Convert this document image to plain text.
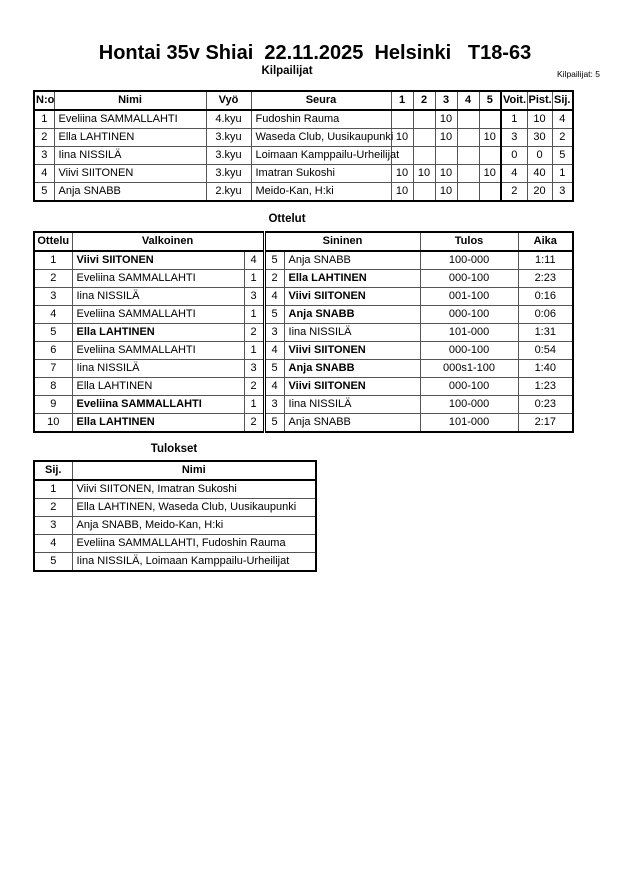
Hontai 35v Shiai  22.11.2025  Helsinki   T18-63
Kilpailijat	Kilpailijat: 5
N:o	Nimi	Vyö	Seura	1	2	3	4	5	Voit.	Pist.	Sij.
1	Eveliina SAMMALLAHTI	4.kyu	Fudoshin Rauma			10			1	10	4
2	Ella LAHTINEN	3.kyu	Waseda Club, Uusikaupunki	10		10		10	3	30	2
3	Iina NISSILÄ	3.kyu	Loimaan Kamppailu-Urheilijat						0	0	5
4	Viivi SIITONEN	3.kyu	Imatran Sukoshi	10	10	10		10	4	40	1
5	Anja SNABB	2.kyu	Meido-Kan, H:ki	10		10			2	20	3
Ottelut
Ottelu	Valkoinen		Sininen		Tulos	Aika
1	Viivi SIITONEN	4	5	Anja SNABB	100-000	1:11
2	Eveliina SAMMALLAHTI	1	2	Ella LAHTINEN	000-100	2:23
3	Iina NISSILÄ	3	4	Viivi SIITONEN	001-100	0:16
4	Eveliina SAMMALLAHTI	1	5	Anja SNABB	000-100	0:06
5	Ella LAHTINEN	2	3	Iina NISSILÄ	101-000	1:31
6	Eveliina SAMMALLAHTI	1	4	Viivi SIITONEN	000-100	0:54
7	Iina NISSILÄ	3	5	Anja SNABB	000s1-100	1:40
8	Ella LAHTINEN	2	4	Viivi SIITONEN	000-100	1:23
9	Eveliina SAMMALLAHTI	1	3	Iina NISSILÄ	100-000	0:23
10	Ella LAHTINEN	2	5	Anja SNABB	101-000	2:17
Tulokset
Sij.	Nimi
1	Viivi SIITONEN, Imatran Sukoshi
2	Ella LAHTINEN, Waseda Club, Uusikaupunki
3	Anja SNABB, Meido-Kan, H:ki
4	Eveliina SAMMALLAHTI, Fudoshin Rauma
5	Iina NISSILÄ, Loimaan Kamppailu-Urheilijat
